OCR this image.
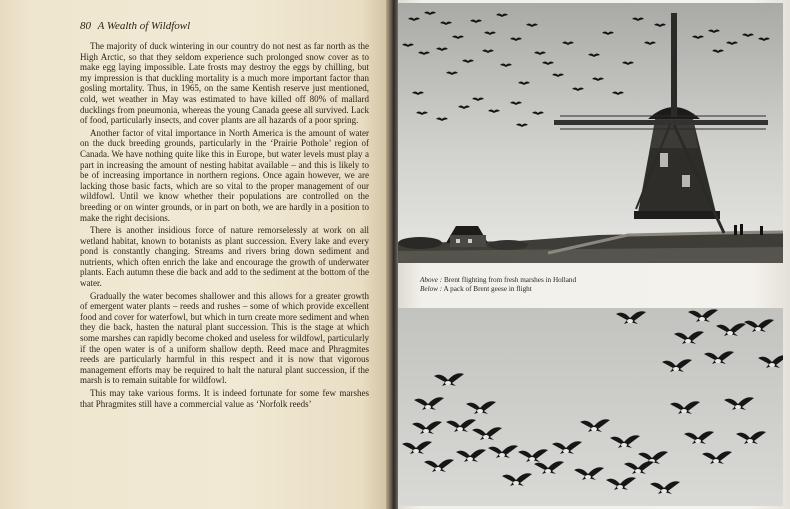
80 A Wealth of Wildfowl

The majority of duck wintering in our country do not nest as far north as the High Arctic, so that they seldom experience such prolonged snow cover as to make egg laying impossible. Late frosts may destroy the eggs by chilling, but my impression is that duckling mortality is a much more important factor than gosling mortality. Thus, in 1965, on the same Kentish reserve just mentioned, cold, wet weather in May was estimated to have killed off 80% of mallard ducklings from pneumonia, whereas the young Canada geese all survived. Lack of food, particularly insects, and cover plants are all hazards of a poor spring.

Another factor of vital importance in North America is the amount of water on the duck breeding grounds, particularly in the ‘Prairie Pothole’ region of Canada. We have nothing quite like this in Europe, but water levels must play a part in increasing the amount of nesting habitat available – and this is likely to be of increasing importance in northern regions. Once again however, we are lacking those basic facts, which are so vital to the proper management of our wildfowl. Until we know whether their populations are controlled on the breeding or on winter grounds, or in part on both, we are hardly in a position to make the right decisions.

There is another insidious force of nature remorselessly at work on all wetland habitat, known to botanists as plant succession. Every lake and every pond is constantly changing. Streams and rivers bring down sediment and nutrients, which often enrich the lake and encourage the growth of underwater plants. Each autumn these die back and add to the sediment at the bottom of the water.

Gradually the water becomes shallower and this allows for a greater growth of emergent water plants – reeds and rushes – some of which provide excellent food and cover for waterfowl, but which in turn create more sediment and when they die back, hasten the natural plant succession. This is the stage at which some marshes can rapidly become choked and useless for wildfowl, particularly if the open water is of a uniform shallow depth. Reed mace and Phragmites reeds are particularly harmful in this respect and it is now that vigorous management efforts may be required to halt the natural plant succession, if the marsh is to remain suitable for wildfowl.

This may take various forms. It is indeed fortunate for some few marshes that Phragmites still have a commercial value as ‘Norfolk reeds’

Above : Brent flighting from fresh marshes in Holland
Below : A pack of Brent geese in flight
